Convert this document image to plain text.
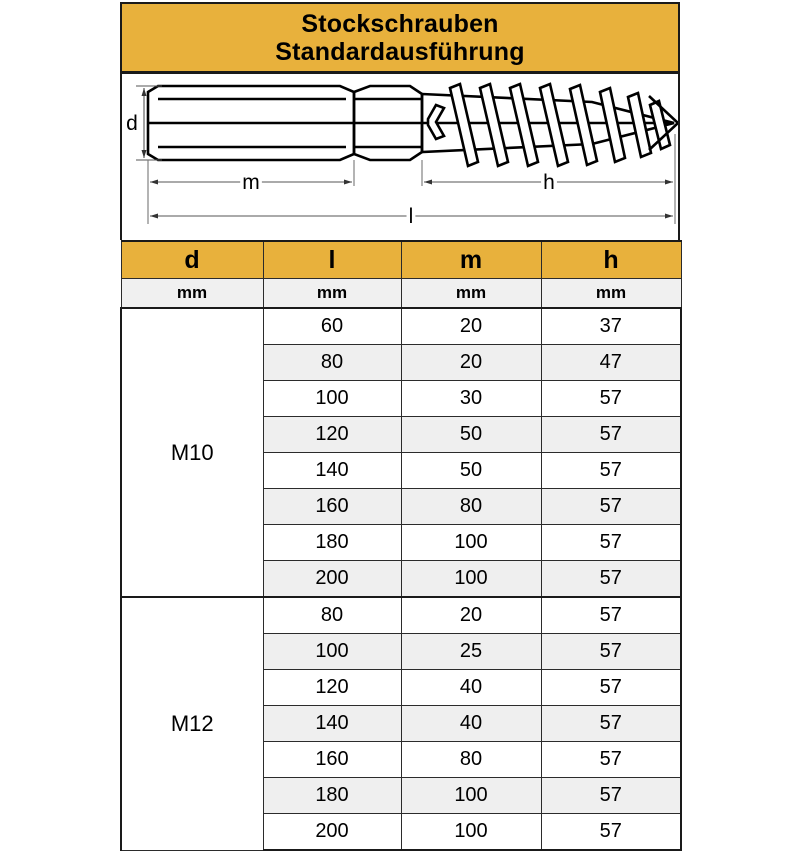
Stockschrauben
Standardausführung
d
m	h
l
d	l	m	h
mm	mm	mm	mm
M10	60	20	37
	80	20	47
	100	30	57
	120	50	57
	140	50	57
	160	80	57
	180	100	57
	200	100	57
M12	80	20	57
	100	25	57
	120	40	57
	140	40	57
	160	80	57
	180	100	57
	200	100	57
